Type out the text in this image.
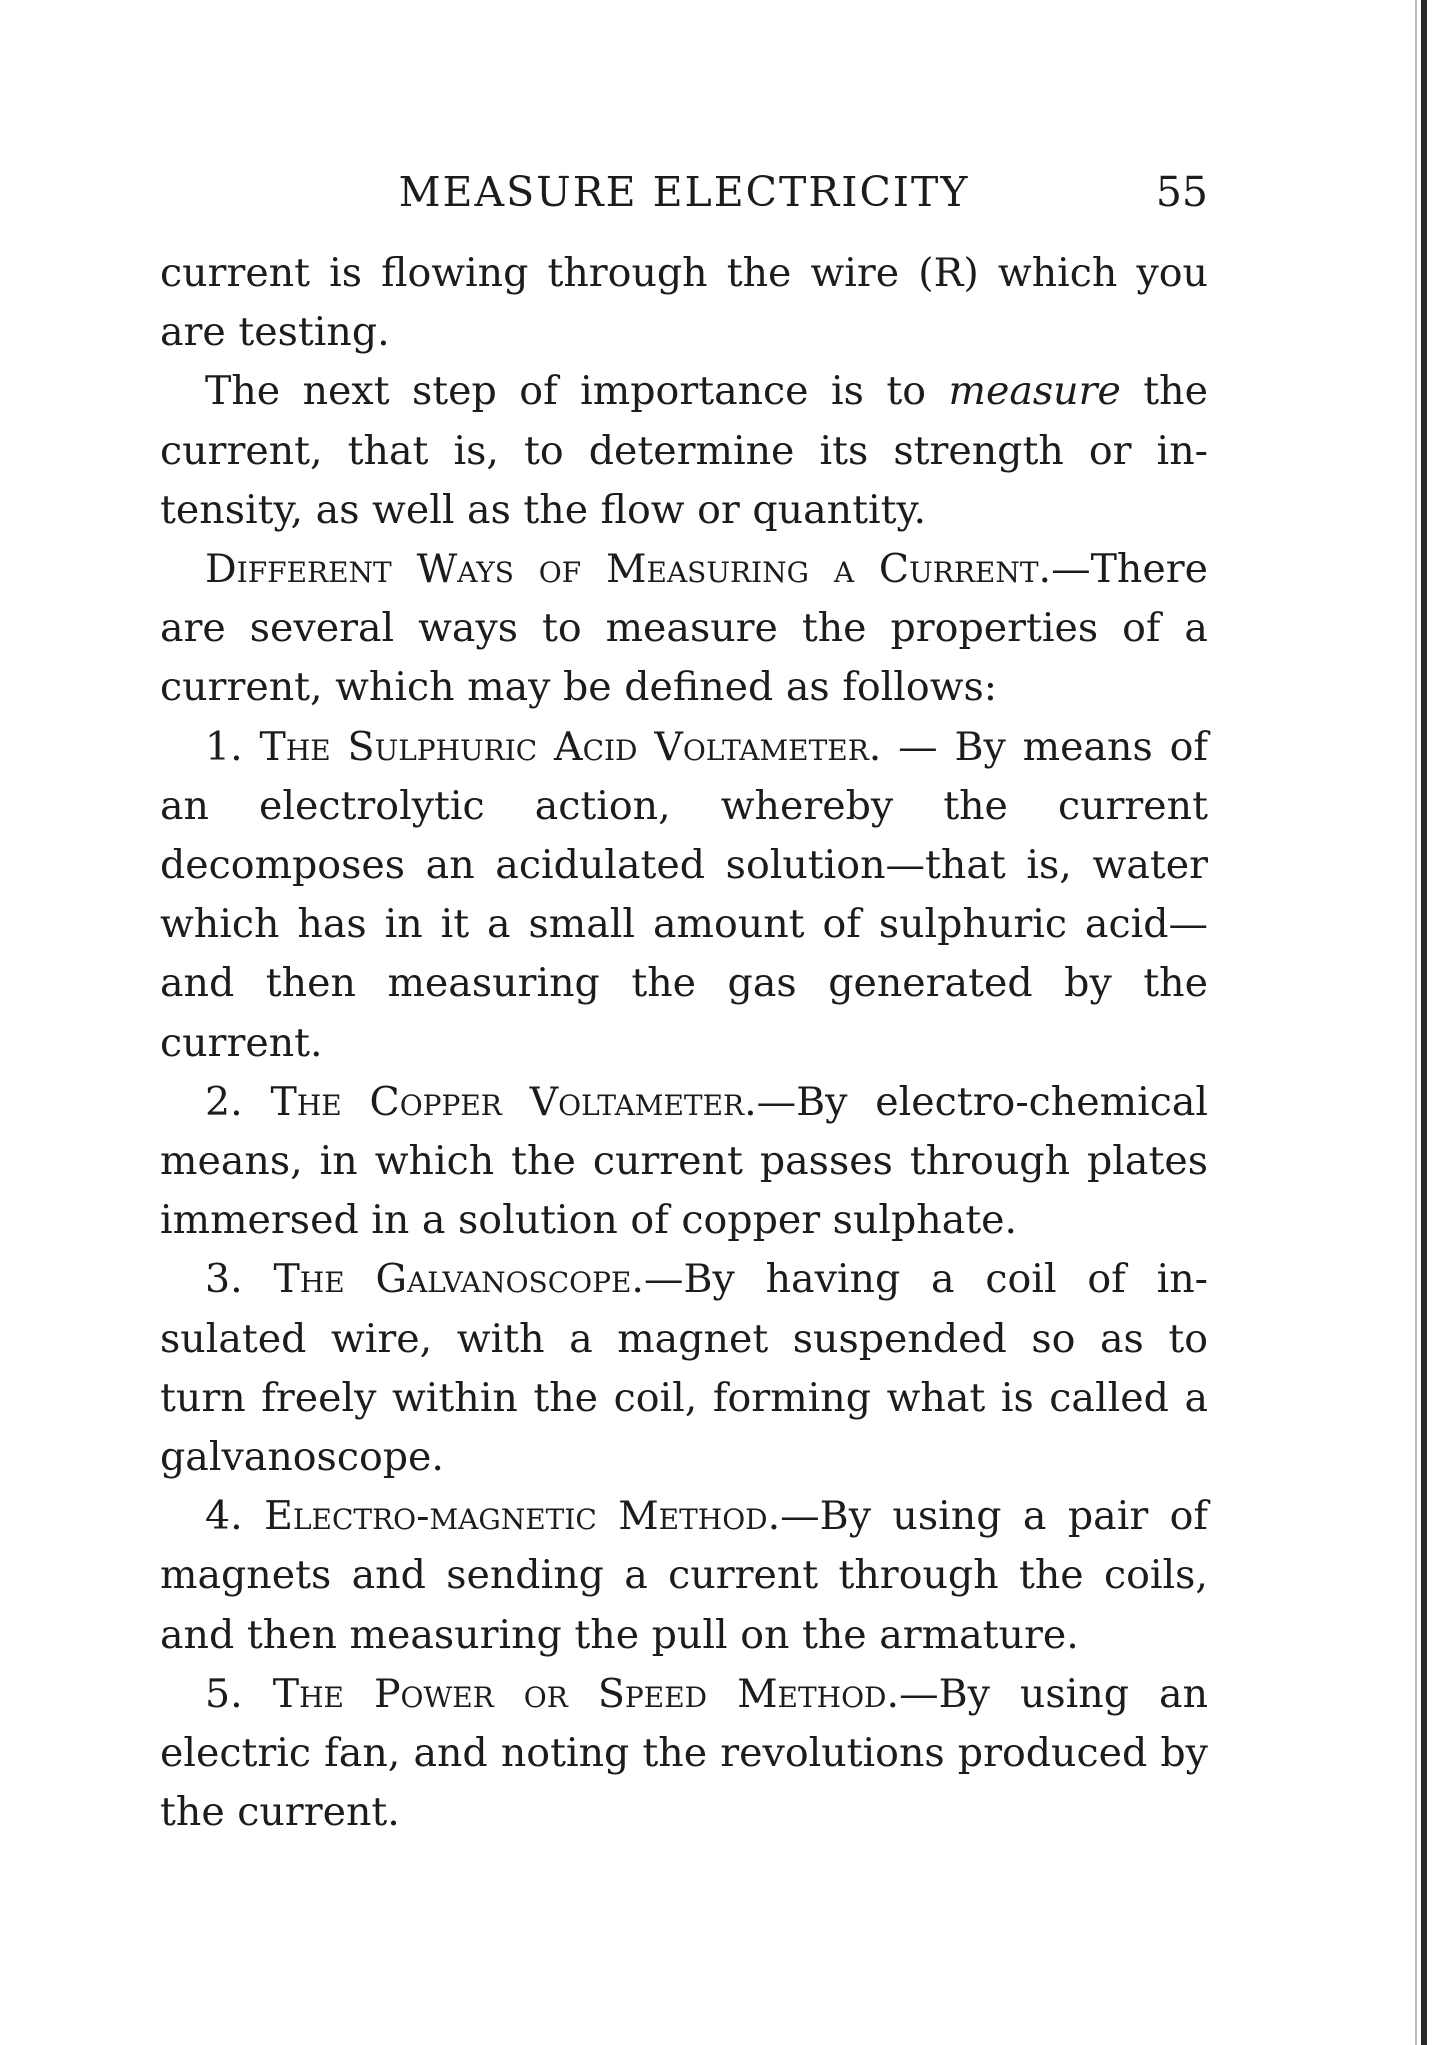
MEASURE ELECTRICITY	55

current is flowing through the wire (R) which you are testing.

The next step of importance is to measure the current, that is, to determine its strength or intensity, as well as the flow or quantity.

Different Ways of Measuring a Current.—There are several ways to measure the properties of a current, which may be defined as follows:

1. The Sulphuric Acid Voltameter. — By means of an electrolytic action, whereby the current decomposes an acidulated solution—that is, water which has in it a small amount of sulphuric acid—and then measuring the gas generated by the current.

2. The Copper Voltameter.—By electro-chemical means, in which the current passes through plates immersed in a solution of copper sulphate.

3. The Galvanoscope.—By having a coil of insulated wire, with a magnet suspended so as to turn freely within the coil, forming what is called a galvanoscope.

4. Electro-magnetic Method.—By using a pair of magnets and sending a current through the coils, and then measuring the pull on the armature.

5. The Power or Speed Method.—By using an electric fan, and noting the revolutions produced by the current.
